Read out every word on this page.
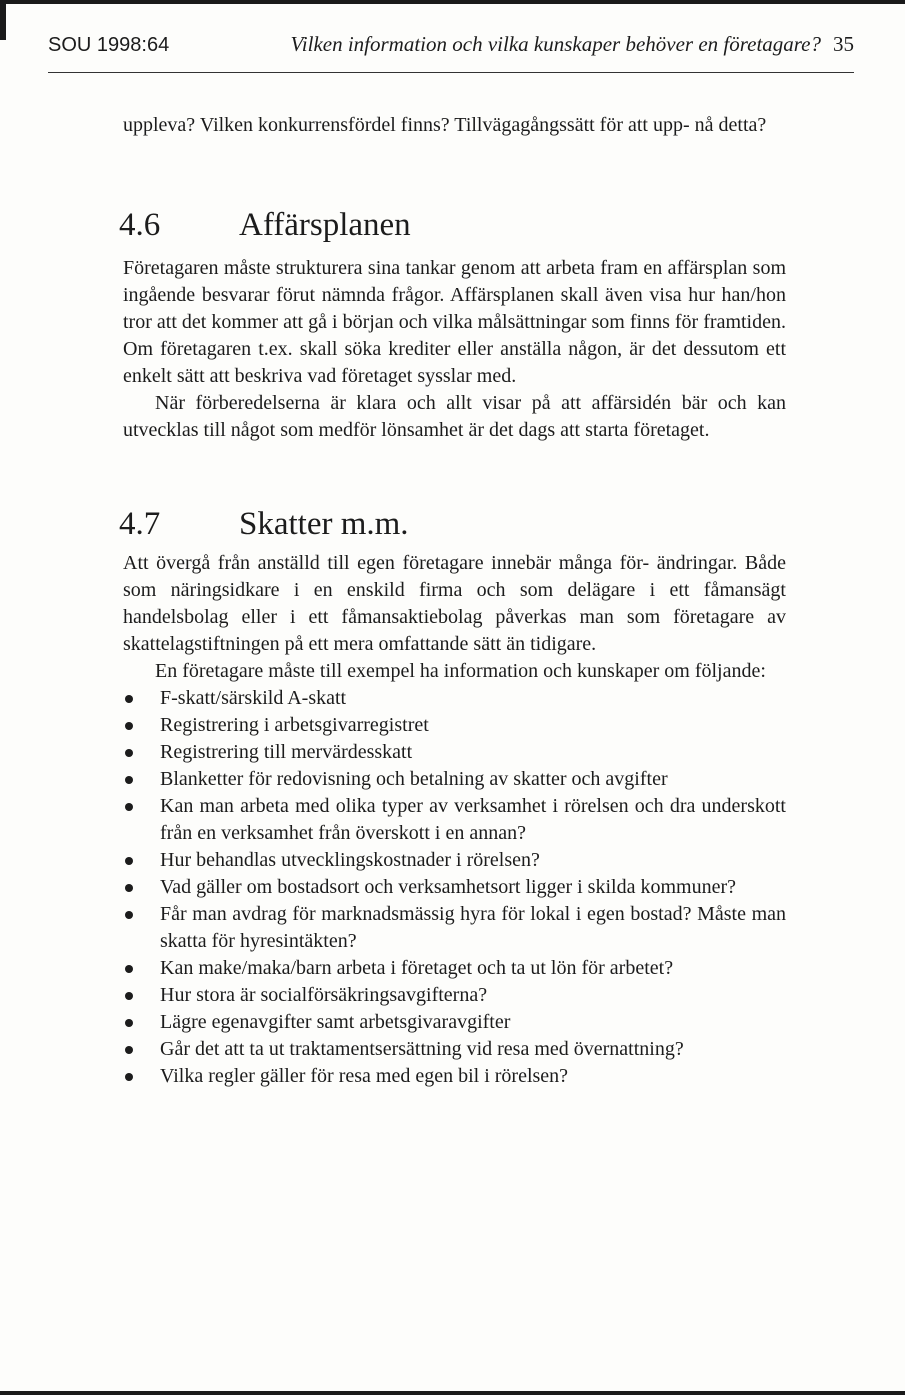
SOU 1998:64	Vilken information och vilka kunskaper behöver en företagare? 35

uppleva? Vilken konkurrensfördel finns? Tillvägagångssätt för att upp- nå detta?

4.6	Affärsplanen

Företagaren måste strukturera sina tankar genom att arbeta fram en affärsplan som ingående besvarar förut nämnda frågor. Affärsplanen skall även visa hur han/hon tror att det kommer att gå i början och vilka målsättningar som finns för framtiden. Om företagaren t.ex. skall söka krediter eller anställa någon, är det dessutom ett enkelt sätt att beskriva vad företaget sysslar med.

När förberedelserna är klara och allt visar på att affärsidén bär och kan utvecklas till något som medför lönsamhet är det dags att starta företaget.

4.7	Skatter m.m.

Att övergå från anställd till egen företagare innebär många för- ändringar. Både som näringsidkare i en enskild firma och som delägare i ett fåmansägt handelsbolag eller i ett fåmansaktiebolag påverkas man som företagare av skattelagstiftningen på ett mera omfattande sätt än tidigare.

En företagare måste till exempel ha information och kunskaper om följande:

F-skatt/särskild A-skatt
Registrering i arbetsgivarregistret
Registrering till mervärdesskatt
Blanketter för redovisning och betalning av skatter och avgifter
Kan man arbeta med olika typer av verksamhet i rörelsen och dra underskott från en verksamhet från överskott i en annan?
Hur behandlas utvecklingskostnader i rörelsen?
Vad gäller om bostadsort och verksamhetsort ligger i skilda kommuner?
Får man avdrag för marknadsmässig hyra för lokal i egen bostad? Måste man skatta för hyresintäkten?
Kan make/maka/barn arbeta i företaget och ta ut lön för arbetet?
Hur stora är socialförsäkringsavgifterna?
Lägre egenavgifter samt arbetsgivaravgifter
Går det att ta ut traktamentsersättning vid resa med övernattning?
Vilka regler gäller för resa med egen bil i rörelsen?
